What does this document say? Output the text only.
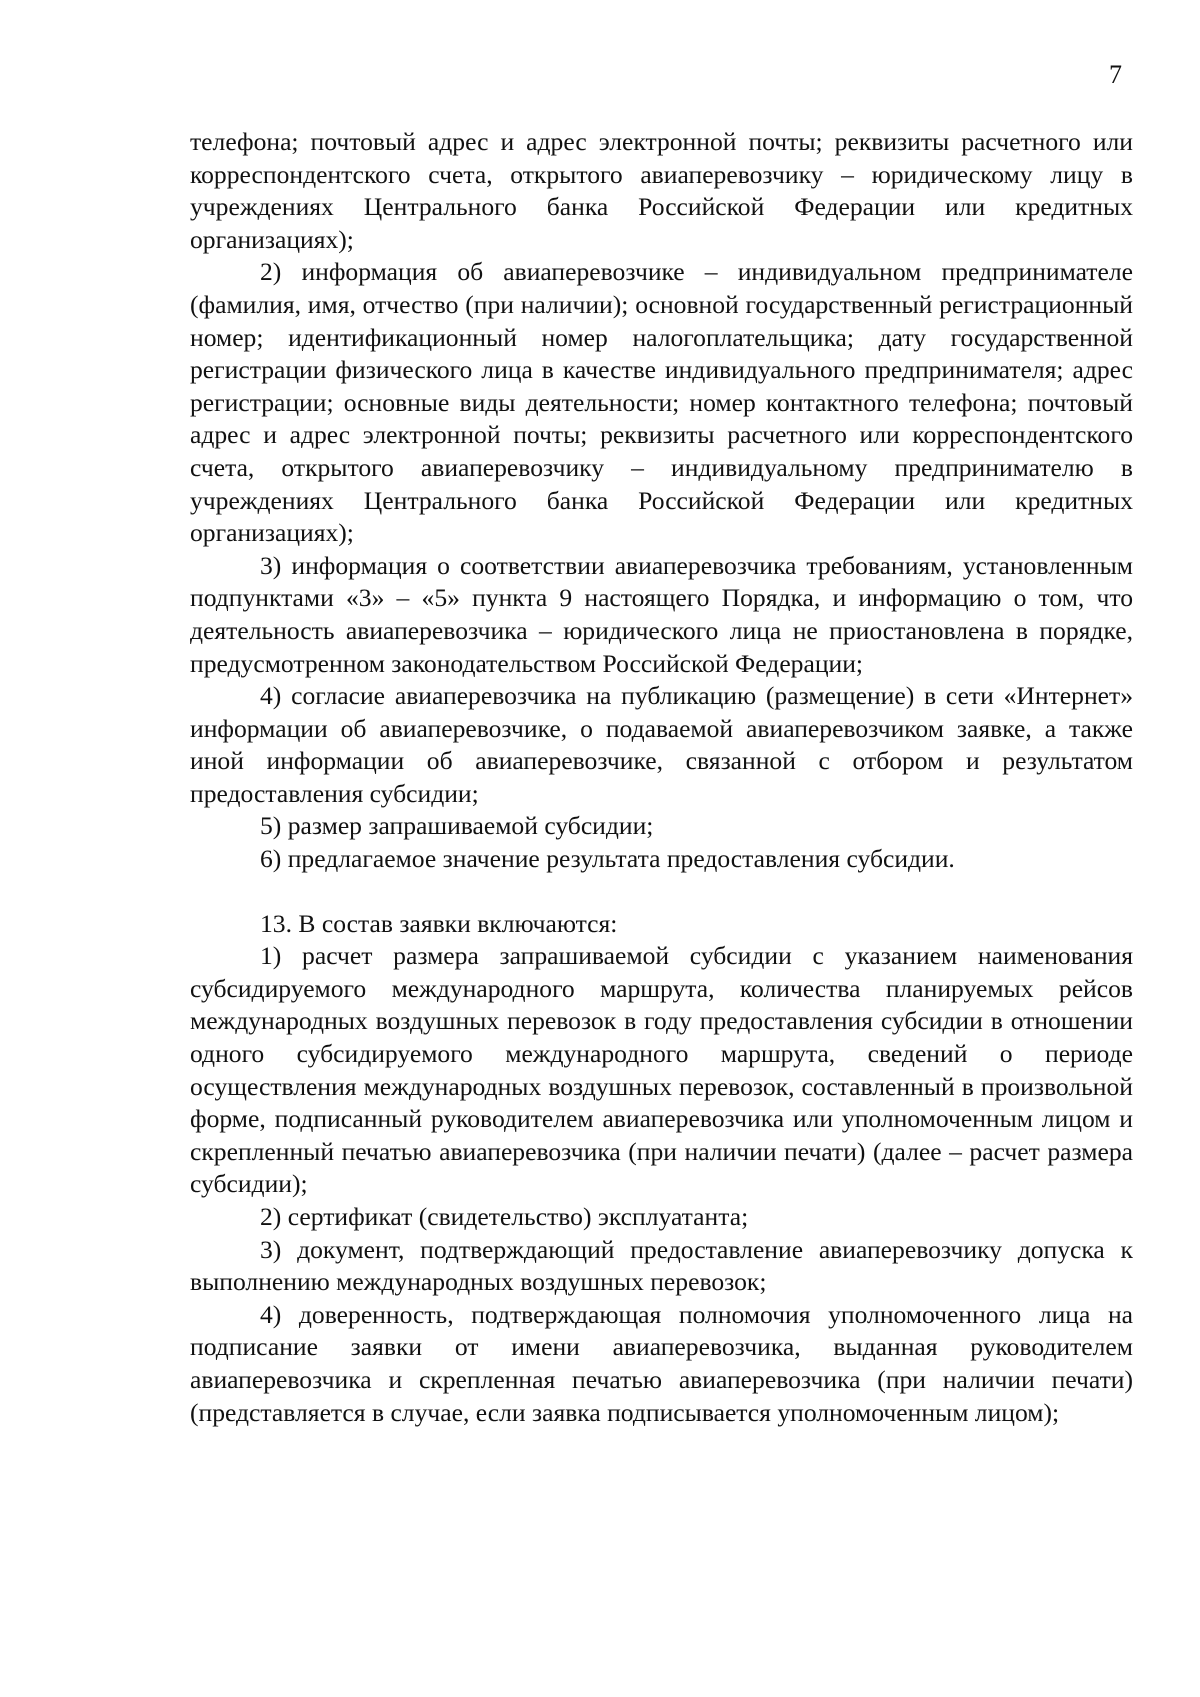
7

телефона; почтовый адрес и адрес электронной почты; реквизиты расчетного или корреспондентского счета, открытого авиаперевозчику – юридическому лицу в учреждениях Центрального банка Российской Федерации или кредитных организациях);

2) информация об авиаперевозчике – индивидуальном предпринимателе (фамилия, имя, отчество (при наличии); основной государственный регистрационный номер; идентификационный номер налогоплательщика; дату государственной регистрации физического лица в качестве индивидуального предпринимателя; адрес регистрации; основные виды деятельности; номер контактного телефона; почтовый адрес и адрес электронной почты; реквизиты расчетного или корреспондентского счета, открытого авиаперевозчику – индивидуальному предпринимателю в учреждениях Центрального банка Российской Федерации или кредитных организациях);

3) информация о соответствии авиаперевозчика требованиям, установленным подпунктами «3» – «5» пункта 9 настоящего Порядка, и информацию о том, что деятельность авиаперевозчика – юридического лица не приостановлена в порядке, предусмотренном законодательством Российской Федерации;

4) согласие авиаперевозчика на публикацию (размещение) в сети «Интернет» информации об авиаперевозчике, о подаваемой авиаперевозчиком заявке, а также иной информации об авиаперевозчике, связанной с отбором и результатом предоставления субсидии;

5) размер запрашиваемой субсидии;

6) предлагаемое значение результата предоставления субсидии.

13. В состав заявки включаются:

1) расчет размера запрашиваемой субсидии с указанием наименования субсидируемого международного маршрута, количества планируемых рейсов международных воздушных перевозок в году предоставления субсидии в отношении одного субсидируемого международного маршрута, сведений о периоде осуществления международных воздушных перевозок, составленный в произвольной форме, подписанный руководителем авиаперевозчика или уполномоченным лицом и скрепленный печатью авиаперевозчика (при наличии печати) (далее – расчет размера субсидии);

2) сертификат (свидетельство) эксплуатанта;

3) документ, подтверждающий предоставление авиаперевозчику допуска к выполнению международных воздушных перевозок;

4) доверенность, подтверждающая полномочия уполномоченного лица на подписание заявки от имени авиаперевозчика, выданная руководителем авиаперевозчика и скрепленная печатью авиаперевозчика (при наличии печати) (представляется в случае, если заявка подписывается уполномоченным лицом);
